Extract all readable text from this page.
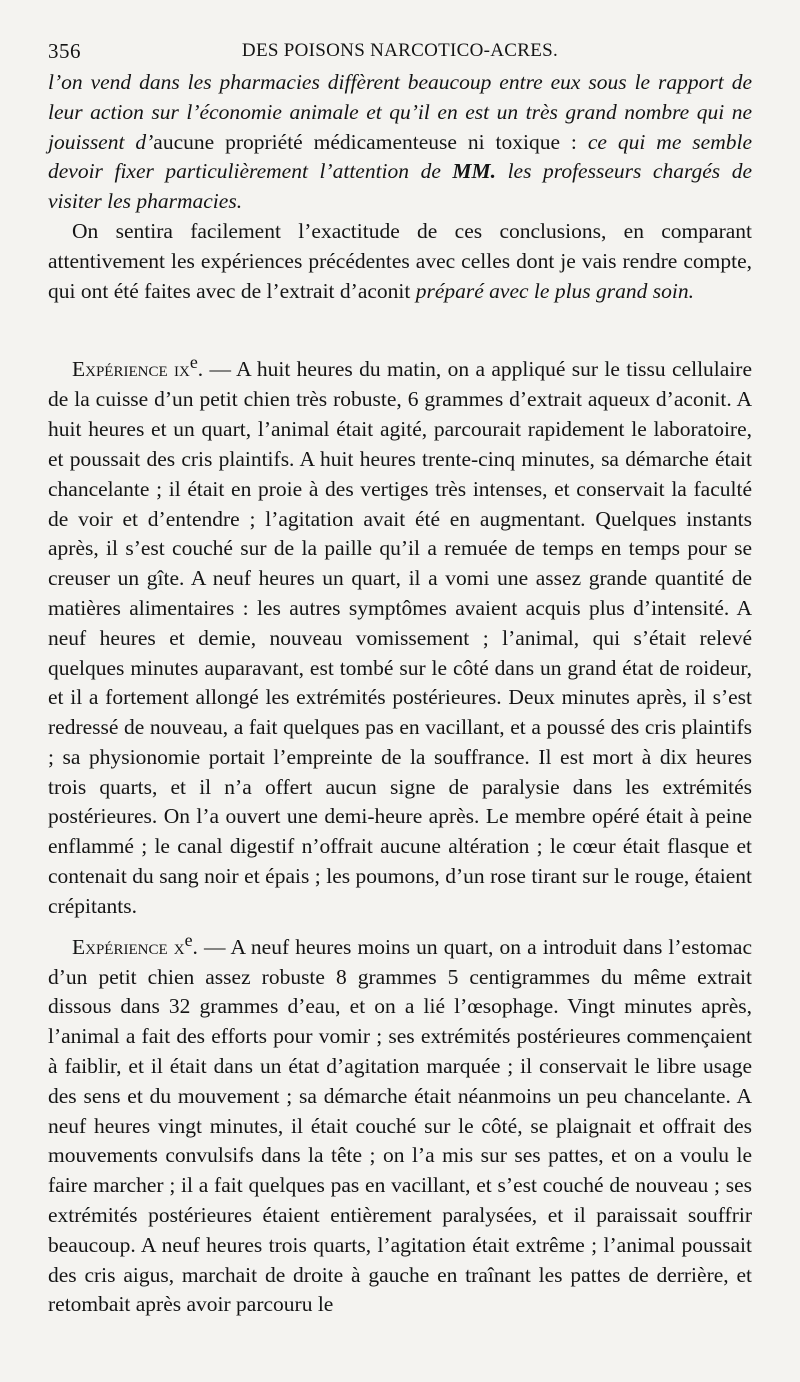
356	DES POISONS NARCOTICO-ACRES.

l’on vend dans les pharmacies diffèrent beaucoup entre eux sous le rapport de leur action sur l’économie animale et qu’il en est un très grand nombre qui ne jouissent d’aucune propriété médicamenteuse ni toxique : ce qui me semble devoir fixer particulièrement l’attention de MM. les professeurs chargés de visiter les pharmacies.

On sentira facilement l’exactitude de ces conclusions, en comparant attentivement les expériences précédentes avec celles dont je vais rendre compte, qui ont été faites avec de l’extrait d’aconit préparé avec le plus grand soin.

Expérience $ix^e$. — A huit heures du matin, on a appliqué sur le tissu cellulaire de la cuisse d’un petit chien très robuste, 6 grammes d’extrait aqueux d’aconit. A huit heures et un quart, l’animal était agité, parcourait rapidement le laboratoire, et poussait des cris plaintifs. A huit heures trente-cinq minutes, sa démarche était chancelante ; il était en proie à des vertiges très intenses, et conservait la faculté de voir et d’entendre ; l’agitation avait été en augmentant. Quelques instants après, il s’est couché sur de la paille qu’il a remuée de temps en temps pour se creuser un gîte. A neuf heures un quart, il a vomi une assez grande quantité de matières alimentaires : les autres symptômes avaient acquis plus d’intensité. A neuf heures et demie, nouveau vomissement ; l’animal, qui s’était relevé quelques minutes auparavant, est tombé sur le côté dans un grand état de roideur, et il a fortement allongé les extrémités postérieures. Deux minutes après, il s’est redressé de nouveau, a fait quelques pas en vacillant, et a poussé des cris plaintifs ; sa physionomie portait l’empreinte de la souffrance. Il est mort à dix heures trois quarts, et il n’a offert aucun signe de paralysie dans les extrémités postérieures. On l’a ouvert une demi-heure après. Le membre opéré était à peine enflammé ; le canal digestif n’offrait aucune altération ; le cœur était flasque et contenait du sang noir et épais ; les poumons, d’un rose tirant sur le rouge, étaient crépitants.

Expérience $x^e$. — A neuf heures moins un quart, on a introduit dans l’estomac d’un petit chien assez robuste 8 grammes 5 centigrammes du même extrait dissous dans 32 grammes d’eau, et on a lié l’œsophage. Vingt minutes après, l’animal a fait des efforts pour vomir ; ses extrémités postérieures commençaient à faiblir, et il était dans un état d’agitation marquée ; il conservait le libre usage des sens et du mouvement ; sa démarche était néanmoins un peu chancelante. A neuf heures vingt minutes, il était couché sur le côté, se plaignait et offrait des mouvements convulsifs dans la tête ; on l’a mis sur ses pattes, et on a voulu le faire marcher ; il a fait quelques pas en vacillant, et s’est couché de nouveau ; ses extrémités postérieures étaient entièrement paralysées, et il paraissait souffrir beaucoup. A neuf heures trois quarts, l’agitation était extrême ; l’animal poussait des cris aigus, marchait de droite à gauche en traînant les pattes de derrière, et retombait après avoir parcouru le
